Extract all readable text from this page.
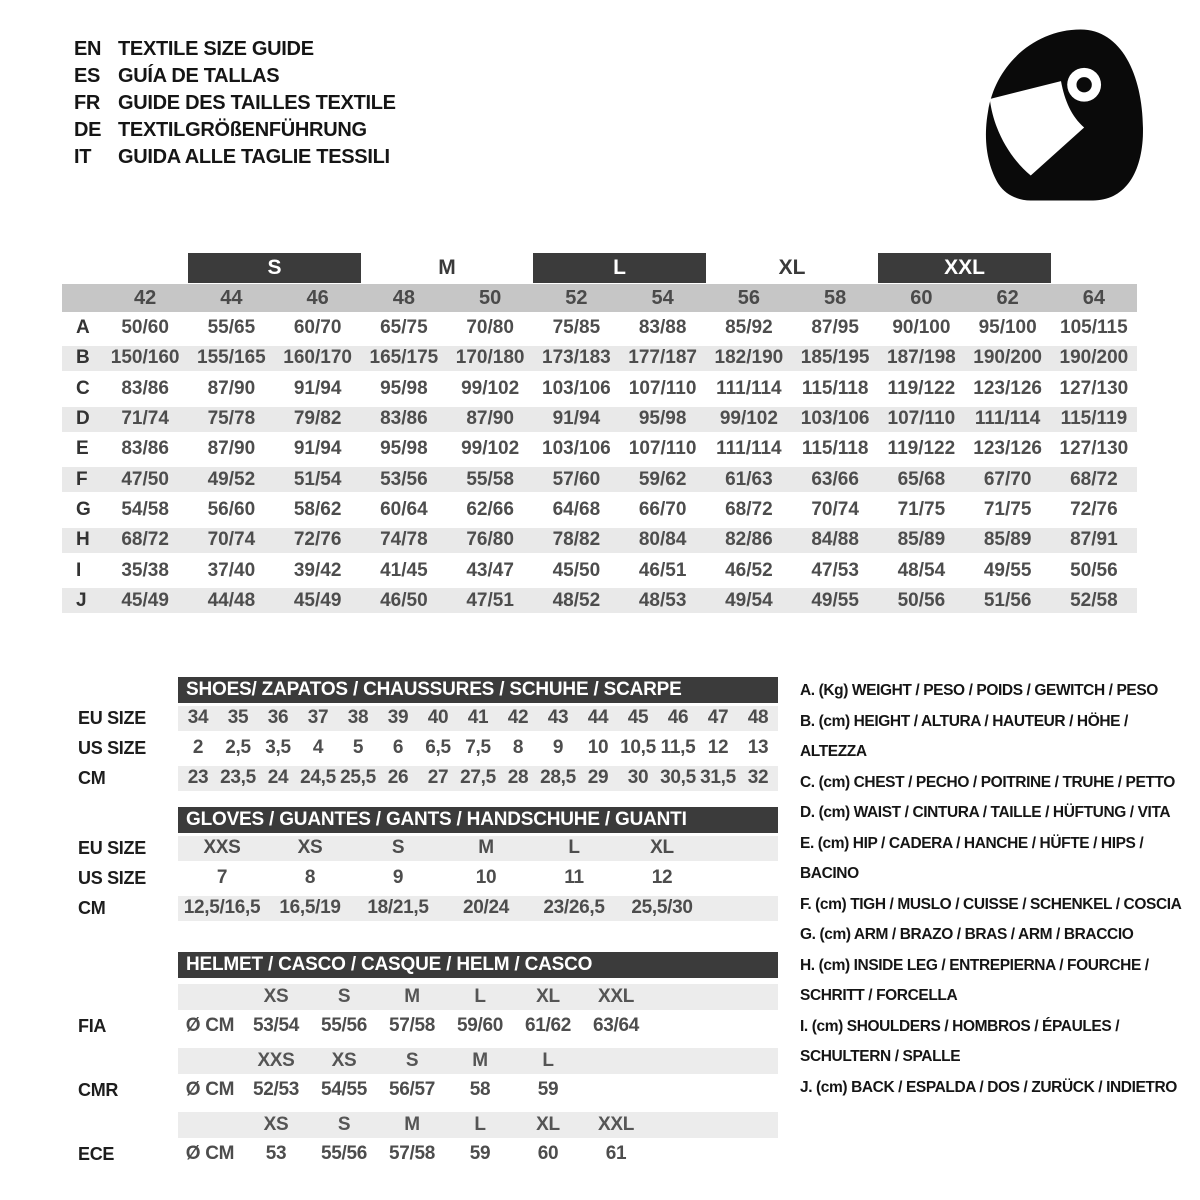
EN TEXTILE SIZE GUIDE
ES GUÍA DE TALLAS
FR GUIDE DES TAILLES TEXTILE
DE TEXTILGRÖßENFÜHRUNG
IT	GUIDA ALLE TAGLIE TESSILI
S	M	L	XL	XXL
42	44	46	48	50	52	54	56	58	60	62	64
A	50/60	55/65	60/70	65/75	70/80	75/85	83/88	85/92	87/95	90/100	95/100	105/115
B	150/160 155/165 160/170 165/175 170/180 173/183 177/187 182/190 185/195 187/198 190/200 190/200
C	83/86	87/90	91/94	95/98	99/102	103/106 107/110	111/114	115/118	119/122 123/126 127/130
D	71/74	75/78	79/82	83/86	87/90	91/94	95/98	99/102	103/106 107/110	111/114	115/119
E	83/86	87/90	91/94	95/98	99/102	103/106 107/110	111/114	115/118	119/122 123/126 127/130
F	47/50	49/52	51/54	53/56	55/58	57/60	59/62	61/63	63/66	65/68	67/70	68/72
G	54/58	56/60	58/62	60/64	62/66	64/68	66/70	68/72	70/74	71/75	71/75	72/76
H	68/72	70/74	72/76	74/78	76/80	78/82	80/84	82/86	84/88	85/89	85/89	87/91
I	35/38	37/40	39/42	41/45	43/47	45/50	46/51	46/52	47/53	48/54	49/55	50/56
J	45/49	44/48	45/49	46/50	47/51	48/52	48/53	49/54	49/55	50/56	51/56	52/58
SHOES/ ZAPATOS / CHAUSSURES / SCHUHE / SCARPE
EU SIZE	34	35	36	37	38	39	40	41	42	43	44	45	46	47	48
US SIZE	2	2,5 3,5	4	5	6	6,5 7,5	8	9	10 10,5 11,5 12	13
CM	23 23,5 24 24,5 25,5 26	27 27,5 28 28,5 29	30 30,5 31,5 32
GLOVES / GUANTES / GANTS / HANDSCHUHE / GUANTI
EU SIZE	XXS	XS	S	M	L	XL
US SIZE	7	8	9	10	11	12
CM	12,5/16,5	16,5/19	18/21,5	20/24	23/26,5	25,5/30
HELMET / CASCO / CASQUE / HELM / CASCO
XS	S	M	L	XL	XXL
FIA	Ø CM 53/54	55/56	57/58	59/60	61/62	63/64
XXS	XS	S	M	L
CMR	Ø CM 52/53	54/55	56/57	58	59
XS	S	M	L	XL	XXL
ECE	Ø CM	53	55/56	57/58	59	60	61
A. (Kg) WEIGHT / PESO / POIDS / GEWITCH / PESO
B. (cm) HEIGHT / ALTURA / HAUTEUR / HÖHE / ALTEZZA
C. (cm) CHEST / PECHO / POITRINE / TRUHE / PETTO
D. (cm) WAIST / CINTURA / TAILLE / HÜFTUNG / VITA
E. (cm) HIP / CADERA / HANCHE / HÜFTE / HIPS / BACINO
F. (cm) TIGH / MUSLO / CUISSE / SCHENKEL / COSCIA
G. (cm) ARM / BRAZO / BRAS / ARM / BRACCIO
H. (cm) INSIDE LEG / ENTREPIERNA / FOURCHE / SCHRITT / FORCELLA
I. (cm) SHOULDERS / HOMBROS / ÉPAULES / SCHULTERN / SPALLE
J. (cm) BACK / ESPALDA / DOS / ZURÜCK / INDIETRO
